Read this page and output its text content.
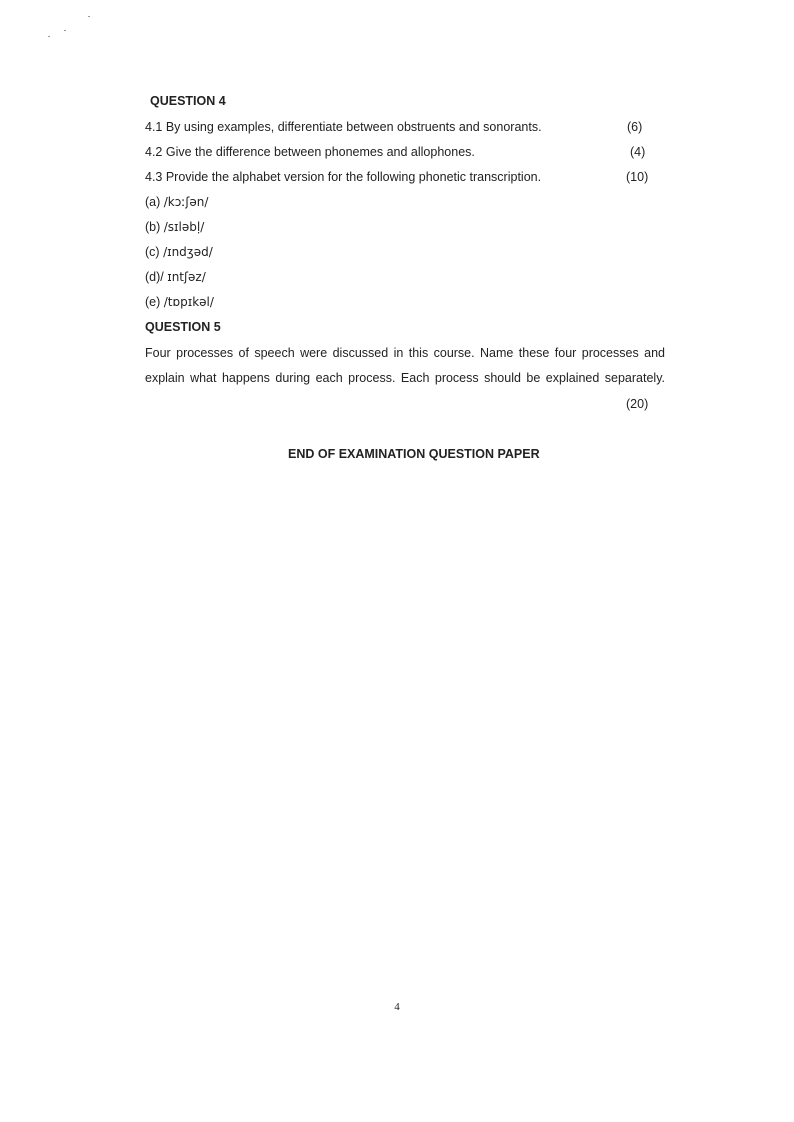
QUESTION 4
4.1 By using examples, differentiate between obstruents and sonorants.	(6)
4.2 Give the difference between phonemes and allophones.	(4)
4.3 Provide the alphabet version for the following phonetic transcription.	(10)
(a) /kɔːʃən/
(b) /sɪləbḷ/
(c) /ɪndʒəd/
(d)/ ɪntʃəz/
(e) /tɒpɪkəl/
QUESTION 5
Four processes of speech were discussed in this course. Name these four processes and
explain what happens during each process. Each process should be explained separately.
(20)
END OF EXAMINATION QUESTION PAPER
4
